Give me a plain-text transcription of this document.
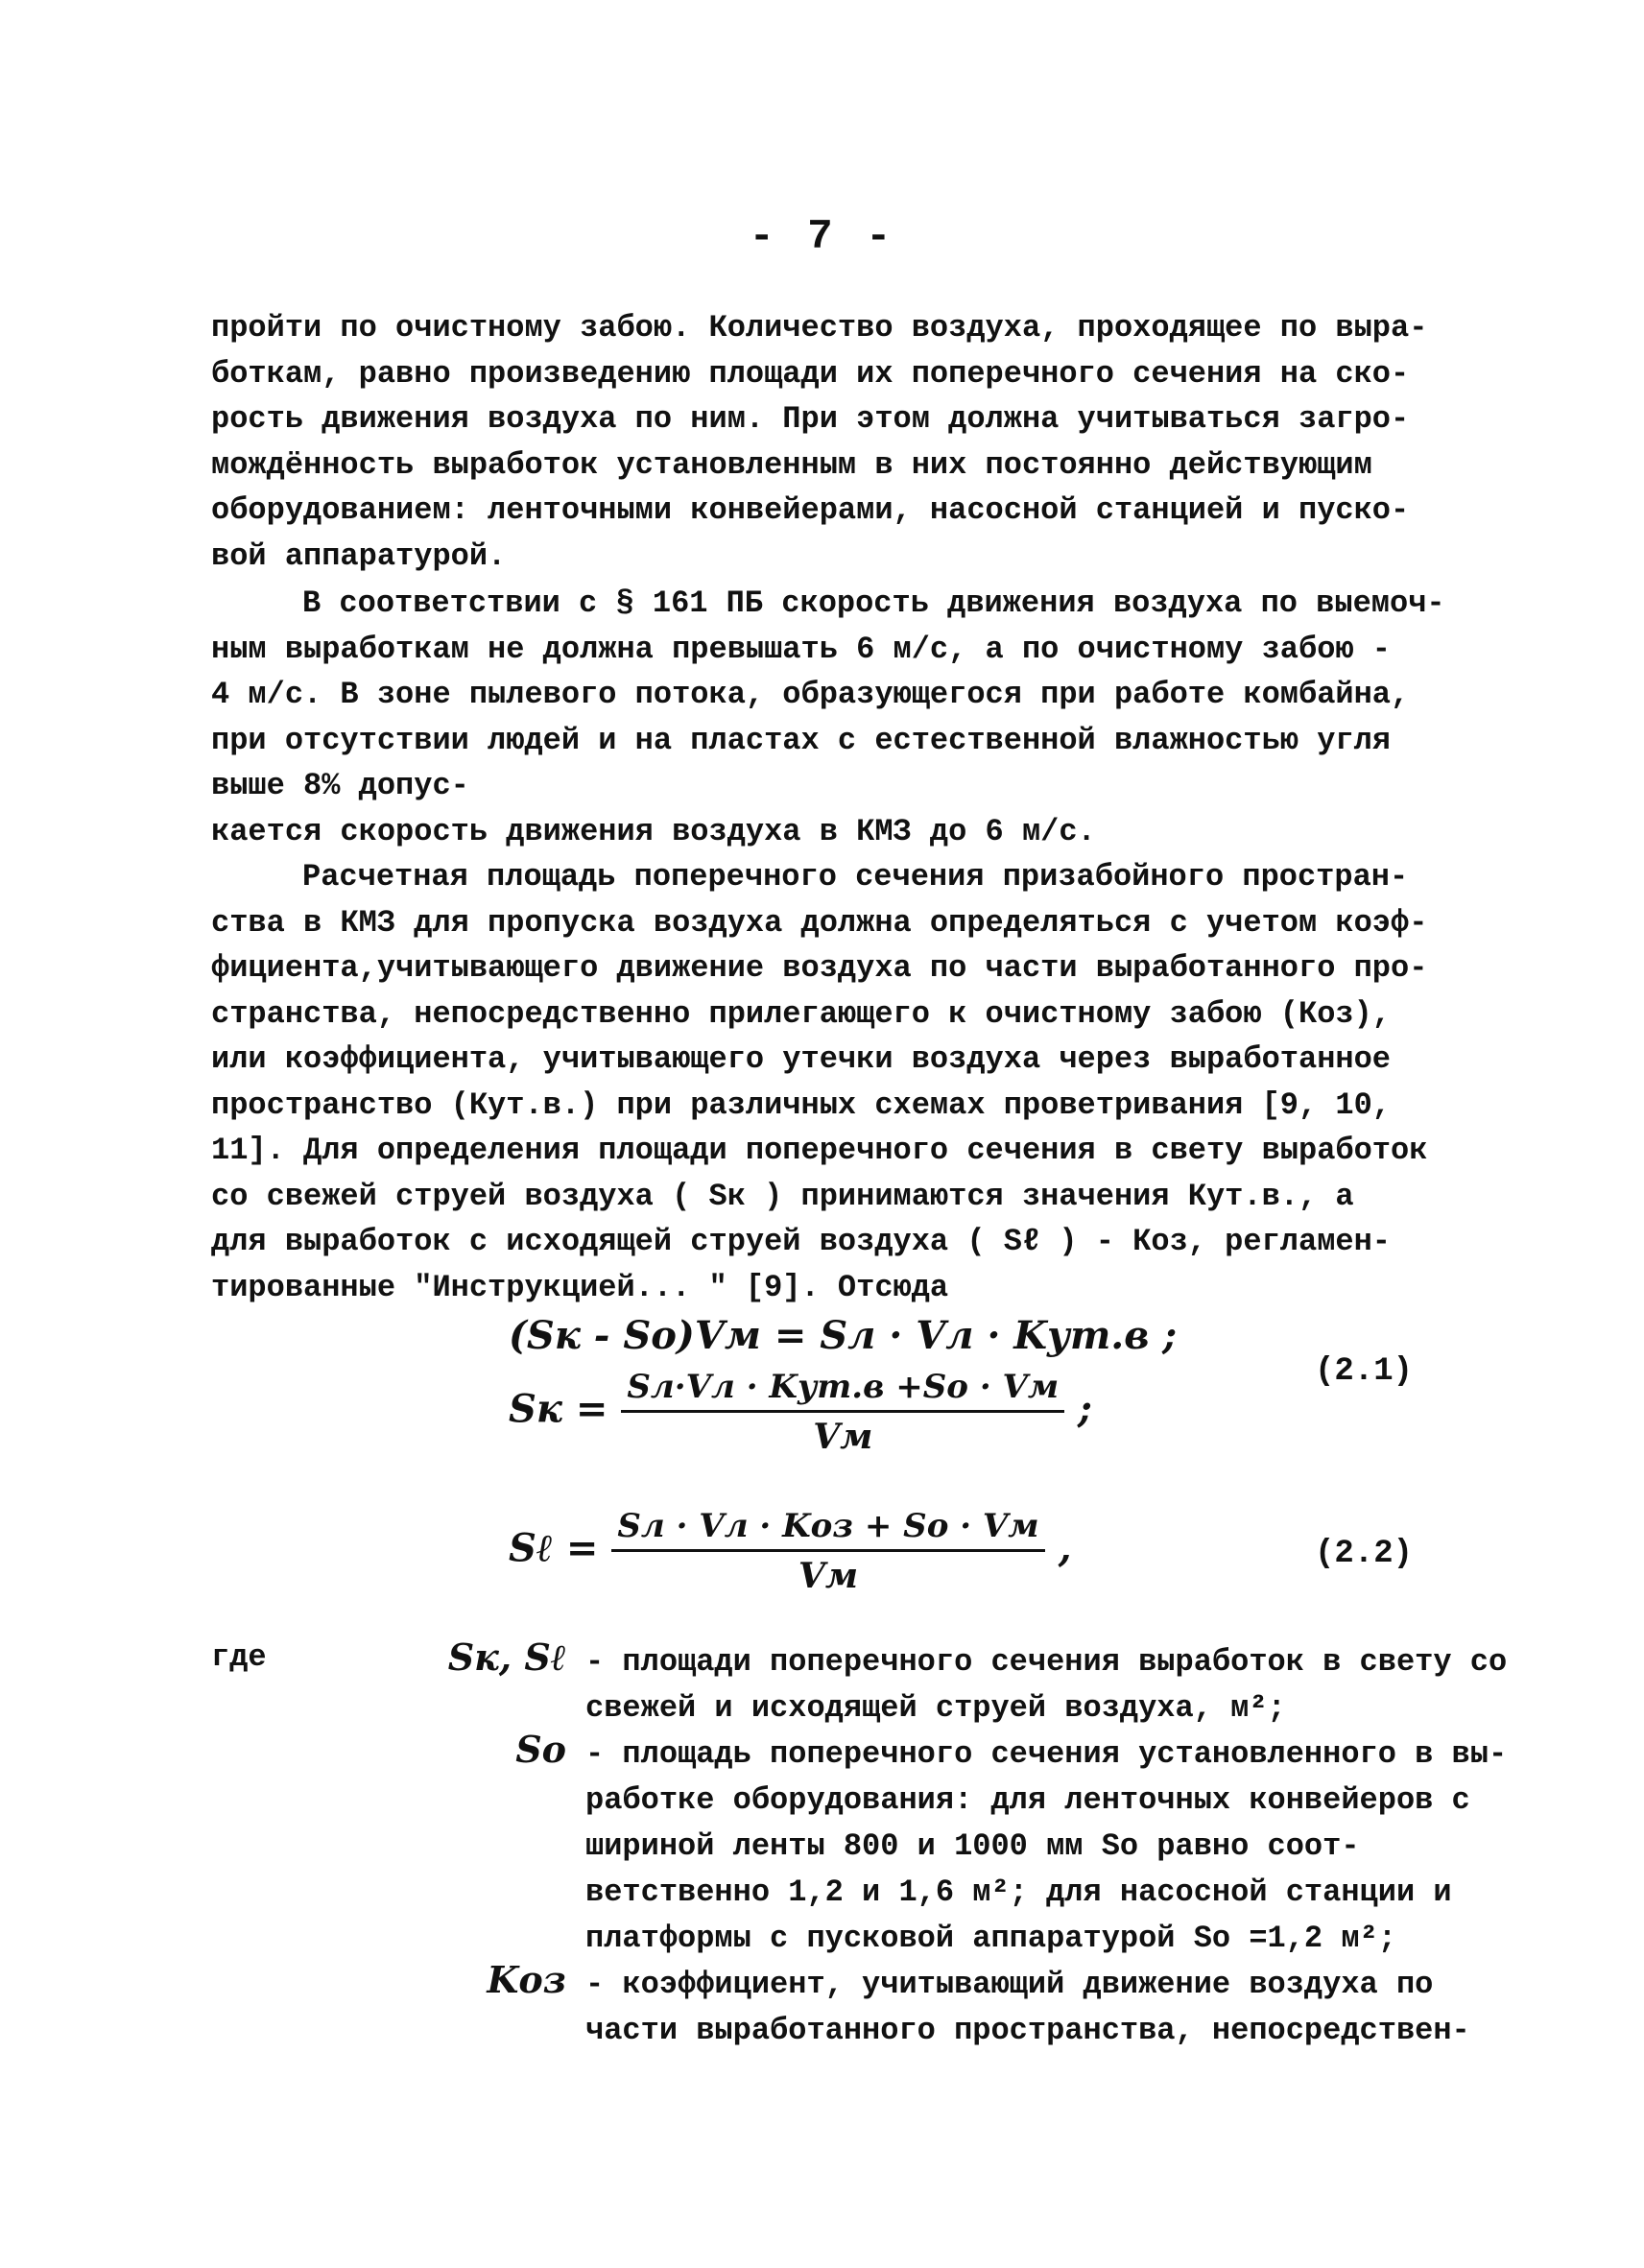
- 7 -
пройти по очистному забою. Количество воздуха, проходящее по выра-
боткам, равно произведению площади их поперечного сечения на ско-
рость движения воздуха по ним. При этом должна учитываться загро-
мождённость выработок установленным в них постоянно действующим
оборудованием: ленточными конвейерами, насосной станцией и пуско-
вой аппаратурой.
В соответствии с § 161 ПБ скорость движения воздуха по выемоч-
ным выработкам не должна превышать 6 м/с, а по очистному забою -
4 м/с. В зоне пылевого потока, образующегося при работе комбайна,
при отсутствии людей и на пластах с естественной влажностью угля
выше 8% допус-
кается скорость движения воздуха в КМЗ до 6 м/с.
Расчетная площадь поперечного сечения призабойного простран-
ства в КМЗ для пропуска воздуха должна определяться с учетом коэф-
фициента,учитывающего движение воздуха по части выработанного про-
странства, непосредственно прилегающего к очистному забою (Коз),
или коэффициента, учитывающего утечки воздуха через выработанное
пространство (Кут.в.) при различных схемах проветривания [9, 10,
11]. Для определения площади поперечного сечения в свету выработок
со свежей струей воздуха ( Sк ) принимаются значения Кут.в., а
для выработок с исходящей струей воздуха ( Sℓ ) - Коз, регламен-
тированные "Инструкцией... " [9]. Отсюда
(Sк - So)Vм = Sл · Vл · Kут.в ;
Sк = $\frac{\text{Sл·Vл · Kут.в +So · Vм}}{Vм}$ ;
(2.1)
Sℓ = $\frac{\text{Sл · Vл · Kоз + So · Vм}}{Vм}$ ,	(2.2)
где	Sк, Sℓ - площади поперечного сечения выработок в свету со
свежей и исходящей струей воздуха, м²;
So - площадь поперечного сечения установленного в вы-
работке оборудования: для ленточных конвейеров с
шириной ленты 800 и 1000 мм So равно соот-
ветственно 1,2 и 1,6 м²; для насосной станции и
платформы с пусковой аппаратурой So =1,2 м²;
Kоз - коэффициент, учитывающий движение воздуха по
части выработанного пространства, непосредствен-
